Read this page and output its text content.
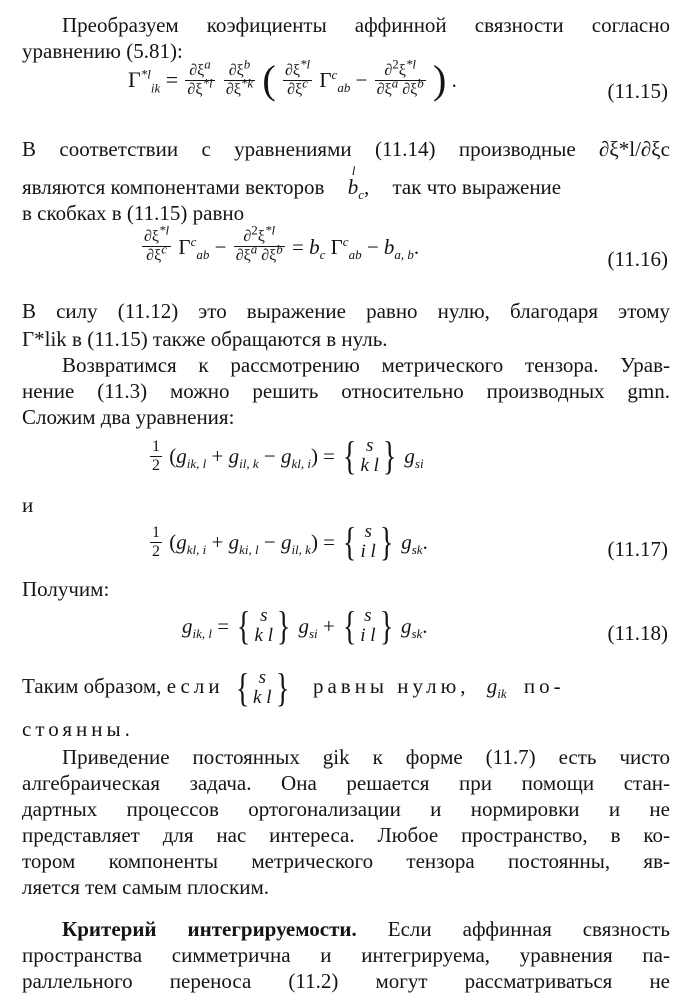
Преобразуем коэфициенты аффинной связности согласно
уравнению (5.81):
$\Gamma^{*l}_{ik} = \frac{\partial\xi^a}{\partial\xi^{*l}}$
$\frac{\partial\xi^b}{\partial\xi^{*k}}$ ( $\frac{\partial\xi^{*l}}{\partial\xi^c} \Gamma^c_{ab} - \frac{\partial^2\xi^{*l}}{\partial\xi^a \partial\xi^b}$ ) .	(11.15)
В соответствии с уравнениями (11.14) производные ∂ξ*l/∂ξc
являются компонентами векторов $b_c$,
l
так что выражение
в скобках в (11.15) равно
$\frac{\partial\xi^{*l}}{\partial\xi^c} \Gamma^c_{ab} - \frac{\partial^2\xi^{*l}}{\partial\xi^a \partial\xi^b} = b_c$ $\Gamma^c_{ab} - b_{a, b}$.
(11.16)
В силу (11.12) это выражение равно нулю, благодаря этому
Γ*lik в (11.15) также обращаются в нуль.
Возвратимся к рассмотрению метрического тензора. Урав-
нение (11.3) можно решить относительно производных gmn.
Сложим два уравнения:
$\frac{1}{2} (g_{ik, l} + g_{il, k} - g_{kl, i})$ = { s
k l } $g_{si}$
и
$\frac{1}{2} (g_{kl, i} + g_{ki, l} - g_{il, k})$ = { s
i l } $g_{sk}$.	(11.17)
Получим:
$g_{ik, l}$ = { s
k l } $g_{si}$ + { s
i l } $g_{sk}$.	(11.18)
Таким образом, если { s
k l } равны нулю, $g_{ik}$ по-
стоянны.
Приведение постоянных gik к форме (11.7) есть чисто
алгебраическая задача. Она решается при помощи стан-
дартных процессов ортогонализации и нормировки и не
представляет для нас интереса. Любое пространство, в ко-
тором компоненты метрического тензора постоянны, яв-
ляется тем самым плоским.
Критерий интегрируемости. Если аффинная связность
пространства симметрична и интегрируема, уравнения па-
раллельного переноса (11.2) могут рассматриваться не
